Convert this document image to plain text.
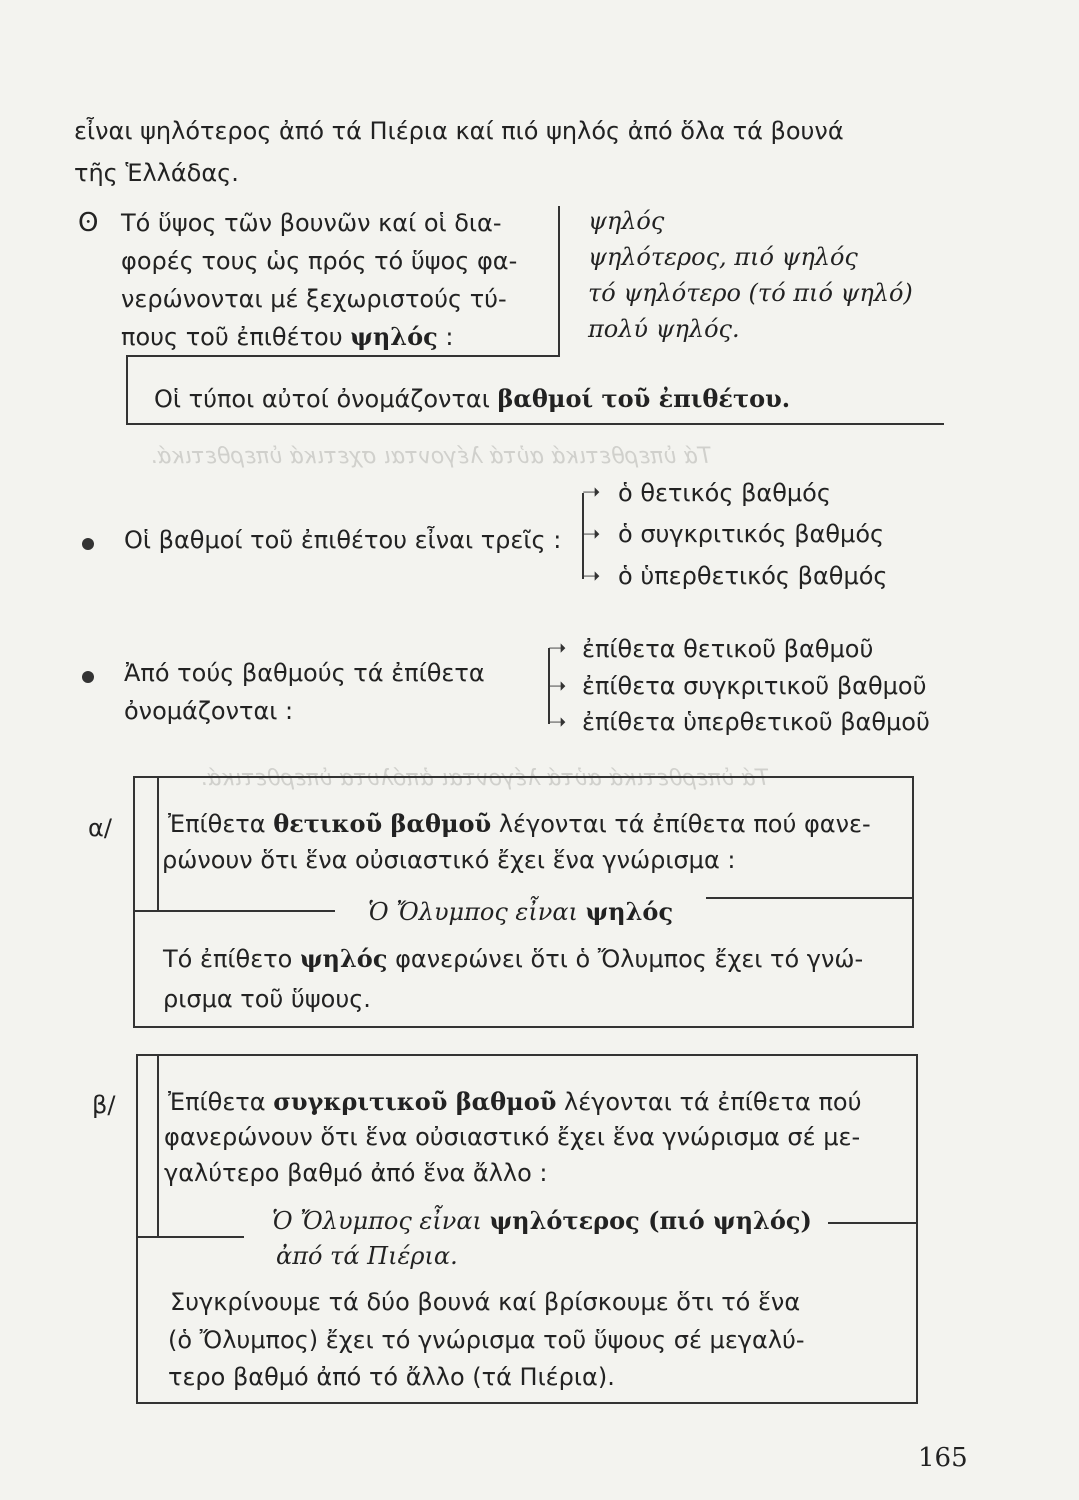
Τά ὑπερθετικά αὐτά λέγονται σχετικά ὑπερθετικά.
Τά ὑπερθετικά αὐτά λέγονται ἀπόλυτα ὑπερθετικά.
εἶναι ψηλότερος ἀπό τά Πιέρια καί πιό ψηλός ἀπό ὅλα τά βουνά
τῆς Ἑλλάδας.
ʘ Τό ὕψος τῶν βουνῶν καί οἱ δια-
φορές τους ὡς πρός τό ὕψος φα-
νερώνονται μέ ξεχωριστούς τύ-
πους τοῦ ἐπιθέτου ψηλός :
ψηλός
ψηλότερος, πιό ψηλός
τό ψηλότερο (τό πιό ψηλό)
πολύ ψηλός.
Οἱ τύποι αὐτοί ὀνομάζονται βαθμοί τοῦ ἐπιθέτου.
Οἱ βαθμοί τοῦ ἐπιθέτου εἶναι τρεῖς :
➝
➝
➝
ὁ θετικός βαθμός
ὁ συγκριτικός βαθμός
ὁ ὑπερθετικός βαθμός
Ἀπό τούς βαθμούς τά ἐπίθετα
ὀνομάζονται :
➝
➝
➝
ἐπίθετα θετικοῦ βαθμοῦ
ἐπίθετα συγκριτικοῦ βαθμοῦ
ἐπίθετα ὑπερθετικοῦ βαθμοῦ
α/ Ἐπίθετα θετικοῦ βαθμοῦ λέγονται τά ἐπίθετα πού φανε-
ρώνουν ὅτι ἕνα οὐσιαστικό ἔχει ἕνα γνώρισμα :
Ὁ Ὄλυμπος εἶναι ψηλός
Τό ἐπίθετο ψηλός φανερώνει ὅτι ὁ Ὄλυμπος ἔχει τό γνώ-
ρισμα τοῦ ὕψους.
β/ Ἐπίθετα συγκριτικοῦ βαθμοῦ λέγονται τά ἐπίθετα πού
φανερώνουν ὅτι ἕνα οὐσιαστικό ἔχει ἕνα γνώρισμα σέ με-
γαλύτερο βαθμό ἀπό ἕνα ἄλλο :
Ὁ Ὄλυμπος εἶναι ψηλότερος (πιό ψηλός)
ἀπό τά Πιέρια.
Συγκρίνουμε τά δύο βουνά καί βρίσκουμε ὅτι τό ἕνα
(ὁ Ὄλυμπος) ἔχει τό γνώρισμα τοῦ ὕψους σέ μεγαλύ-
τερο βαθμό ἀπό τό ἄλλο (τά Πιέρια).
165
